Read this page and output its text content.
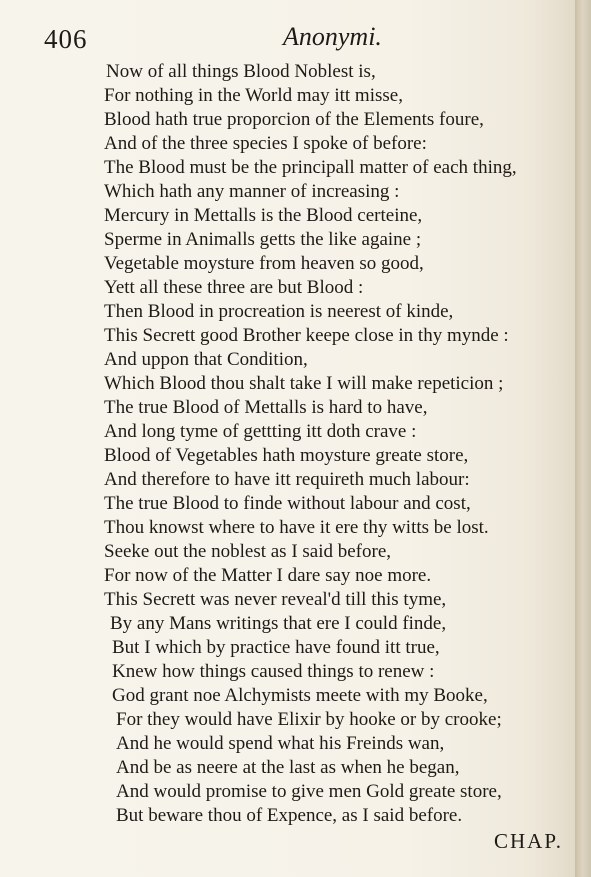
406	Anonymi.
Now of all things Blood Noblest is,
For nothing in the World may itt misse,
Blood hath true proporcion of the Elements foure,
And of the three species I spoke of before:
The Blood must be the principall matter of each thing,
Which hath any manner of increasing :
Mercury in Mettalls is the Blood certeine,
Sperme in Animalls getts the like againe ;
Vegetable moysture from heaven so good,
Yett all these three are but Blood :
Then Blood in procreation is neerest of kinde,
This Secrett good Brother keepe close in thy mynde :
And uppon that Condition,
Which Blood thou shalt take I will make repeticion ;
The true Blood of Mettalls is hard to have,
And long tyme of gettting itt doth crave :
Blood of Vegetables hath moysture greate store,
And therefore to have itt requireth much labour:
The true Blood to finde without labour and cost,
Thou knowst where to have it ere thy witts be lost.
Seeke out the noblest as I said before,
For now of the Matter I dare say noe more.
This Secrett was never reveal'd till this tyme,
By any Mans writings that ere I could finde,
But I which by practice have found itt true,
Knew how things caused things to renew :
God grant noe Alchymists meete with my Booke,
For they would have Elixir by hooke or by crooke;
And he would spend what his Freinds wan,
And be as neere at the last as when he began,
And would promise to give men Gold greate store,
But beware thou of Expence, as I said before.
CHAP.
